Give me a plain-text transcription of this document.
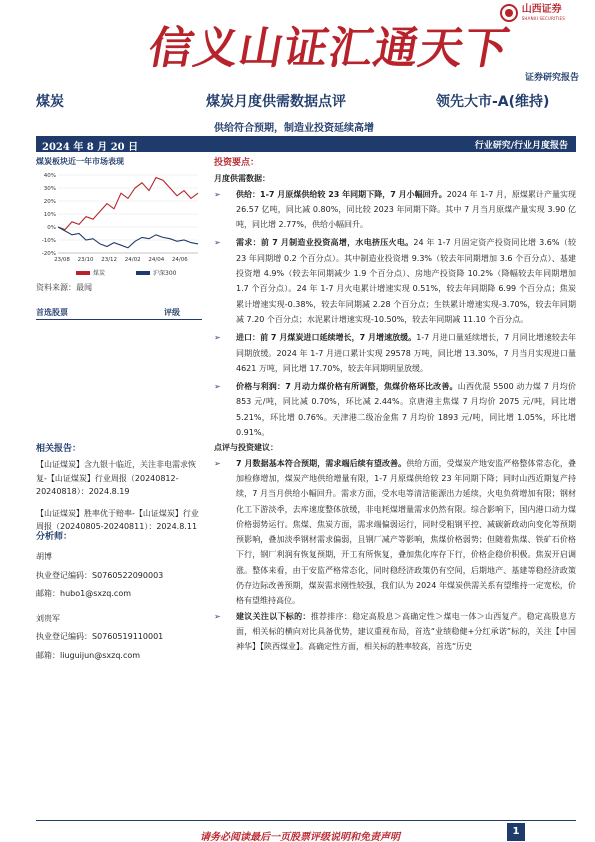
信义山证汇通天下
山西证券
SHANXI SECURITIES
证券研究报告
煤炭	煤炭月度供需数据点评	领先大市-A(维持)
供给符合预期，制造业投资延续高增
2024 年 8 月 20 日	行业研究/行业月度报告
煤炭板块近一年市场表现
-20%
-10%
0%
10%
20%
30%
40%
23/08 23/10 23/12 24/02 24/04 24/06
煤炭	沪深300
资料来源：最闻
首选股票	评级
相关报告：

【山证煤炭】含九银十临近，关注非电需求恢复-【山证煤炭】行业周报（20240812-20240818）：2024.8.19

【山证煤炭】胜率优于赔率-【山证煤炭】行业周报（20240805-20240811）：2024.8.11

分析师：
胡博
执业登记编码：S0760522090003
邮箱：hubo1@sxzq.com
刘贵军
执业登记编码：S0760519110001
邮箱：liuguijun@sxzq.com
投资要点：
月度供需数据：
➢ 供给：1-7 月原煤供给较 23 年同期下降，7 月小幅回升。2024 年 1-7 月，原煤累计产量实现 26.57 亿吨，同比减 0.80%，同比较 2023 年同期下降。其中 7 月当月原煤产量实现 3.90 亿吨，同比增 2.77%，供给小幅回升。
➢ 需求：前 7 月制造业投资高增，水电挤压火电。24 年 1-7 月固定资产投资同比增 3.6%（较 23 年同期增 0.2 个百分点）。其中制造业投资增 9.3%（较去年同期增加 3.6 个百分点）、基建投资增 4.9%（较去年同期减少 1.9 个百分点）、房地产投资降 10.2%（降幅较去年同期增加 1.7 个百分点）。24 年 1-7 月火电累计增速实现 0.51%，较去年同期降 6.99 个百分点；焦炭累计增速实现-0.38%，较去年同期减 2.28 个百分点；生铁累计增速实现-3.70%，较去年同期减 7.20 个百分点；水泥累计增速实现-10.50%，较去年同期减 11.10 个百分点。
➢ 进口：前 7 月煤炭进口延续增长，7 月增速放缓。1-7 月进口量延续增长，7 月同比增速较去年同期放缓。2024 年 1-7 月进口累计实现 29578 万吨，同比增 13.30%，7 月当月实现进口量 4621 万吨，同比增 17.70%，较去年同期明显放缓。
➢ 价格与利润：7 月动力煤价格有所调整，焦煤价格环比改善。山西优混 5500 动力煤 7 月均价 853 元/吨，同比减 0.70%，环比减 2.44%。京唐港主焦煤 7 月均价 2075 元/吨，同比增 5.21%，环比增 0.76%。天津港二级冶金焦 7 月均价 1893 元/吨，同比增 1.05%，环比增 0.91%。
点评与投资建议：
➢ 7 月数据基本符合预期，需求端后续有望改善。供给方面，受煤炭产地安监严格整体常态化，叠加检修增加，煤炭产地供给增量有限，1-7 月原煤供给较 23 年同期下降；同时山西近期复产持续，7 月当月供给小幅回升。需求方面，受水电等清洁能源出力延续，火电负荷增加有限；钢材化工下游淡季，去库速度整体放缓，非电耗煤增量需求仍然有限。综合影响下，国内港口动力煤价格弱势运行。焦煤、焦炭方面，需求端偏弱运行，同时受粗钢平控、减碳新政动向变化等预期预影响，叠加淡季钢材需求偏弱，且钢厂减产等影响，焦煤价格弱势；但随着焦煤、铁矿石价格下行，钢厂利润有恢复预期，开工有所恢复，叠加焦化库存下行，价格企稳价积极。焦炭开启调涨。整体来看，由于安监严格常态化，同时稳经济政策仍有空间，后期地产、基建等稳经济政策仍存边际改善预期，煤炭需求刚性较强，我们认为 2024 年煤炭供需关系有望维持一定宽松，价格有望维持高位。
➢ 建议关注以下标的：推荐排序：稳定高股息＞高确定性＞煤电一体＞山西复产。稳定高股息方面，相关标的横向对比具备优势，建议重视布局，首选“业绩稳健+分红承诺”标的，关注【中国神华】【陕西煤业】。高确定性方面，相关标的胜率较高，首选“历史
请务必阅读最后一页股票评级说明和免责声明
1
